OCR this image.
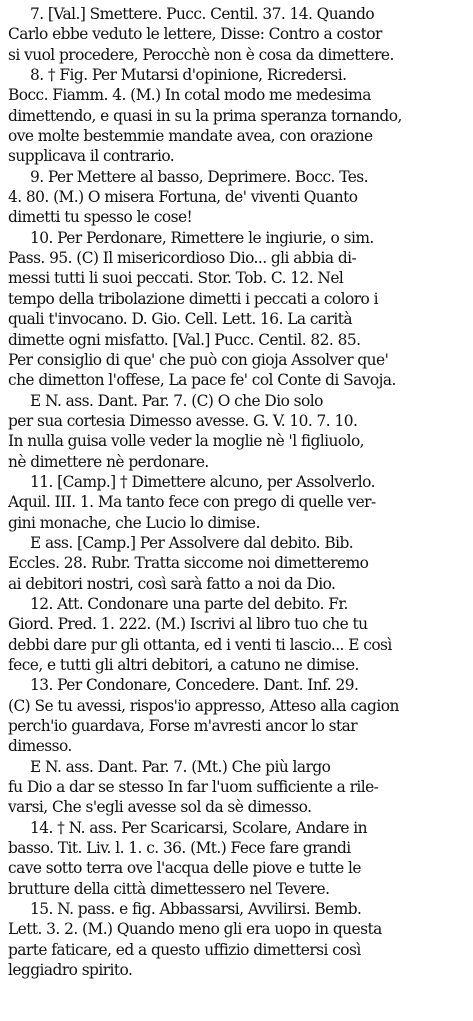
7. [Val.] Smettere. Pucc. Centil. 37. 14. Quando
Carlo ebbe veduto le lettere, Disse: Contro a costor
si vuol procedere, Perocchè non è cosa da dimettere.
8. † Fig. Per Mutarsi d'opinione, Ricredersi.
Bocc. Fiamm. 4. (M.) In cotal modo me medesima
dimettendo, e quasi in su la prima speranza tornando,
ove molte bestemmie mandate avea, con orazione
supplicava il contrario.
9. Per Mettere al basso, Deprimere. Bocc. Tes.
4. 80. (M.) O misera Fortuna, de' viventi Quanto
dimetti tu spesso le cose!
10. Per Perdonare, Rimettere le ingiurie, o sim.
Pass. 95. (C) Il misericordioso Dio... gli abbia di-
messi tutti li suoi peccati. Stor. Tob. C. 12. Nel
tempo della tribolazione dimetti i peccati a coloro i
quali t'invocano. D. Gio. Cell. Lett. 16. La carità
dimette ogni misfatto. [Val.] Pucc. Centil. 82. 85.
Per consiglio di que' che può con gioja Assolver que'
che dimetton l'offese, La pace fe' col Conte di Savoja.
E N. ass. Dant. Par. 7. (C) O che Dio solo
per sua cortesia Dimesso avesse. G. V. 10. 7. 10.
In nulla guisa volle veder la moglie nè 'l figliuolo,
nè dimettere nè perdonare.
11. [Camp.] † Dimettere alcuno, per Assolverlo.
Aquil. III. 1. Ma tanto fece con prego di quelle ver-
gini monache, che Lucio lo dimise.
E ass. [Camp.] Per Assolvere dal debito. Bib.
Eccles. 28. Rubr. Tratta siccome noi dimetteremo
ai debitori nostri, così sarà fatto a noi da Dio.
12. Att. Condonare una parte del debito. Fr.
Giord. Pred. 1. 222. (M.) Iscrivi al libro tuo che tu
debbi dare pur gli ottanta, ed i venti ti lascio... E così
fece, e tutti gli altri debitori, a catuno ne dimise.
13. Per Condonare, Concedere. Dant. Inf. 29.
(C) Se tu avessi, rispos'io appresso, Atteso alla cagion
perch'io guardava, Forse m'avresti ancor lo star
dimesso.
E N. ass. Dant. Par. 7. (Mt.) Che più largo
fu Dio a dar se stesso In far l'uom sufficiente a rile-
varsi, Che s'egli avesse sol da sè dimesso.
14. † N. ass. Per Scaricarsi, Scolare, Andare in
basso. Tit. Liv. l. 1. c. 36. (Mt.) Fece fare grandi
cave sotto terra ove l'acqua delle piove e tutte le
brutture della città dimettessero nel Tevere.
15. N. pass. e fig. Abbassarsi, Avvilirsi. Bemb.
Lett. 3. 2. (M.) Quando meno gli era uopo in questa
parte faticare, ed a questo uffizio dimettersi così
leggiadro spirito.
